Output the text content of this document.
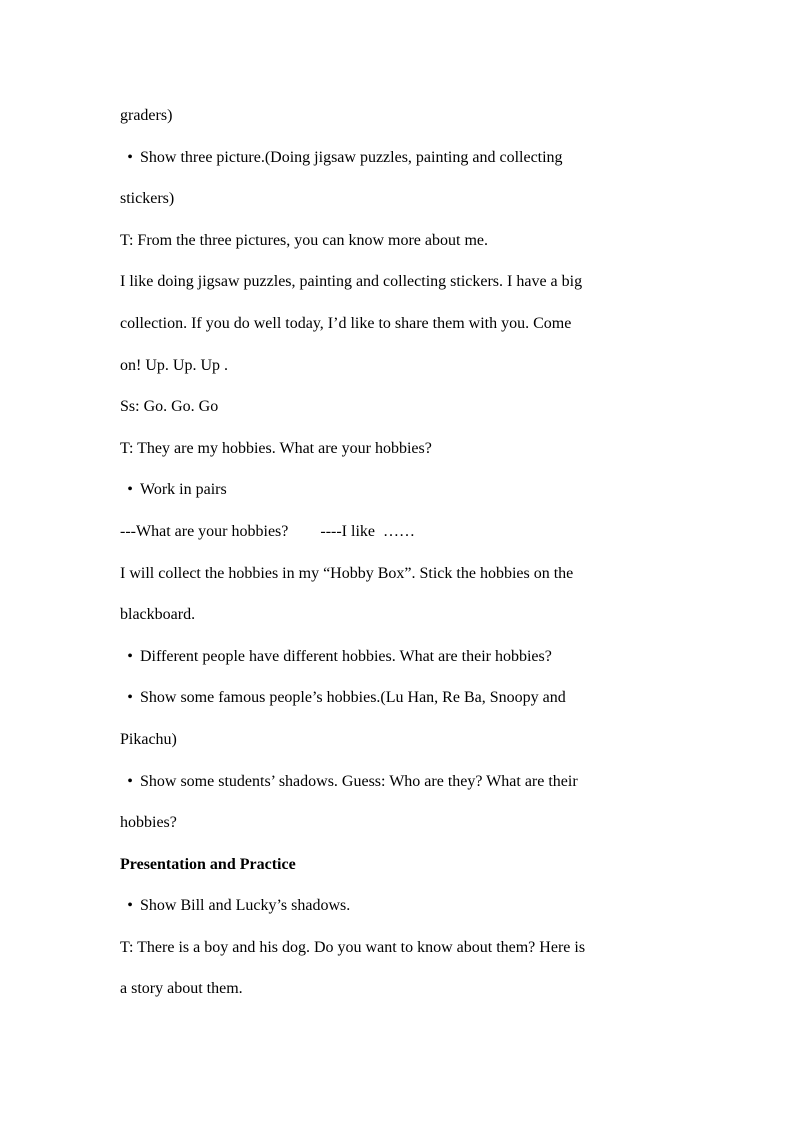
graders)
• Show three picture.(Doing jigsaw puzzles, painting and collecting
stickers)
T: From the three pictures, you can know more about me.
I like doing jigsaw puzzles, painting and collecting stickers. I have a big
collection. If you do well today, I’d like to share them with you. Come
on! Up. Up. Up .
Ss: Go. Go. Go
T: They are my hobbies. What are your hobbies?
• Work in pairs
---What are your hobbies?        ----I like  ……
I will collect the hobbies in my “Hobby Box”. Stick the hobbies on the
blackboard.
• Different people have different hobbies. What are their hobbies?
• Show some famous people’s hobbies.(Lu Han, Re Ba, Snoopy and
Pikachu)
• Show some students’ shadows. Guess: Who are they? What are their
hobbies?
Presentation and Practice
• Show Bill and Lucky’s shadows.
T: There is a boy and his dog. Do you want to know about them? Here is
a story about them.
